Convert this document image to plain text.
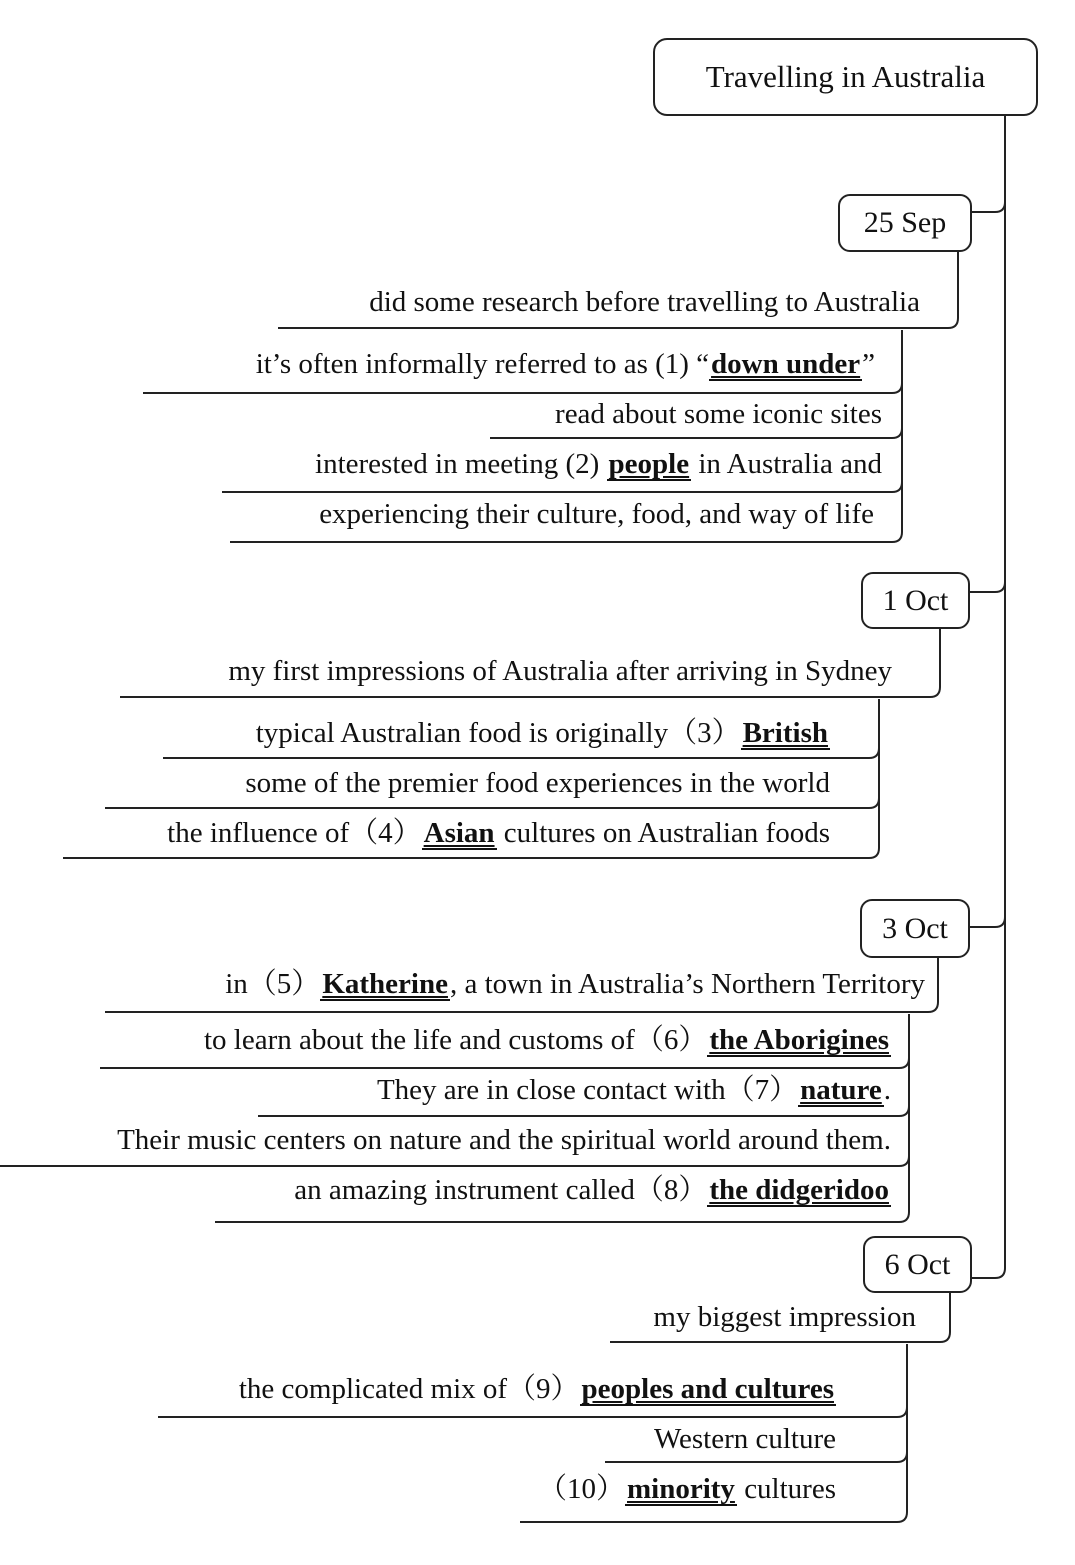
Travelling in Australia
25 Sep
did some research before travelling to Australia
it’s often informally referred to as (1) “down under”
read about some iconic sites
interested in meeting (2) people in Australia and
experiencing their culture, food, and way of life
1 Oct
my first impressions of Australia after arriving in Sydney
typical Australian food is originally（3）British
some of the premier food experiences in the world
the influence of（4）Asian cultures on Australian foods
3 Oct
in（5）Katherine, a town in Australia’s Northern Territory
to learn about the life and customs of（6）the Aborigines
They are in close contact with（7）nature.
Their music centers on nature and the spiritual world around them.
an amazing instrument called（8）the didgeridoo
6 Oct
my biggest impression
the complicated mix of（9）peoples and cultures
Western culture
（10）minority cultures
